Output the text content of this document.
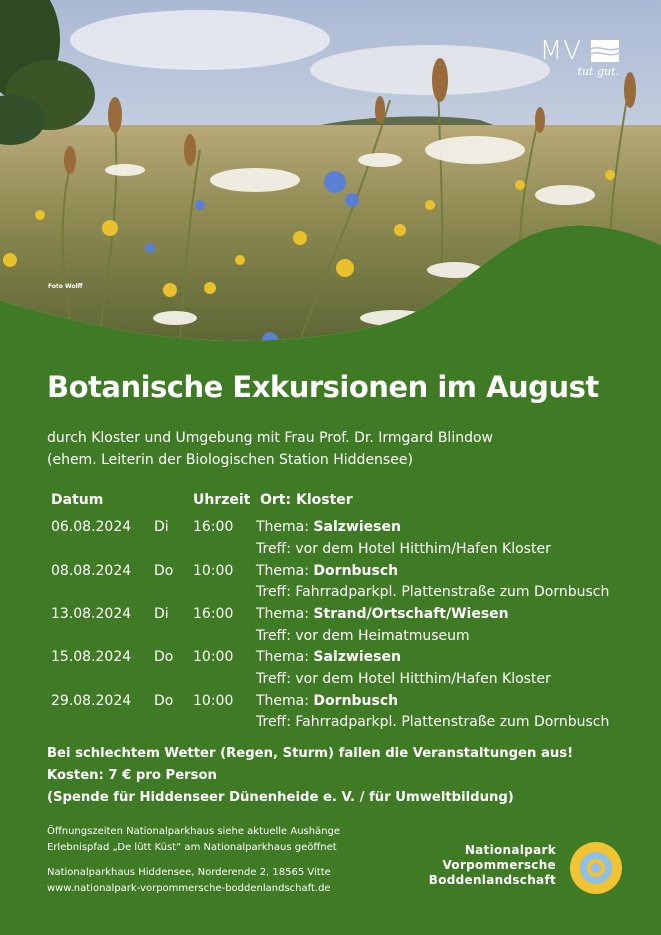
Foto Wolff
MV
tut gut.
Botanische Exkursionen im August
durch Kloster und Umgebung mit Frau Prof. Dr. Irmgard Blindow
(ehem. Leiterin der Biologischen Station Hiddensee)
Datum	Uhrzeit Ort: Kloster
06.08.2024 Di 16:00 Thema: Salzwiesen
Treff: vor dem Hotel Hitthim/Hafen Kloster
08.08.2024 Do 10:00 Thema: Dornbusch
Treff: Fahrradparkpl. Plattenstraße zum Dornbusch
13.08.2024 Di 16:00 Thema: Strand/Ortschaft/Wiesen
Treff: vor dem Heimatmuseum
15.08.2024 Do 10:00 Thema: Salzwiesen
Treff: vor dem Hotel Hitthim/Hafen Kloster
29.08.2024 Do 10:00 Thema: Dornbusch
Treff: Fahrradparkpl. Plattenstraße zum Dornbusch
Bei schlechtem Wetter (Regen, Sturm) fallen die Veranstaltungen aus!
Kosten: 7 € pro Person
(Spende für Hiddenseer Dünenheide e. V. / für Umweltbildung)
Öffnungszeiten Nationalparkhaus siehe aktuelle Aushänge
Erlebnispfad „De lütt Küst“ am Nationalparkhaus geöffnet
Nationalparkhaus Hiddensee, Norderende 2, 18565 Vitte
www.nationalpark-vorpommersche-boddenlandschaft.de
Nationalpark
Vorpommersche
Boddenlandschaft
